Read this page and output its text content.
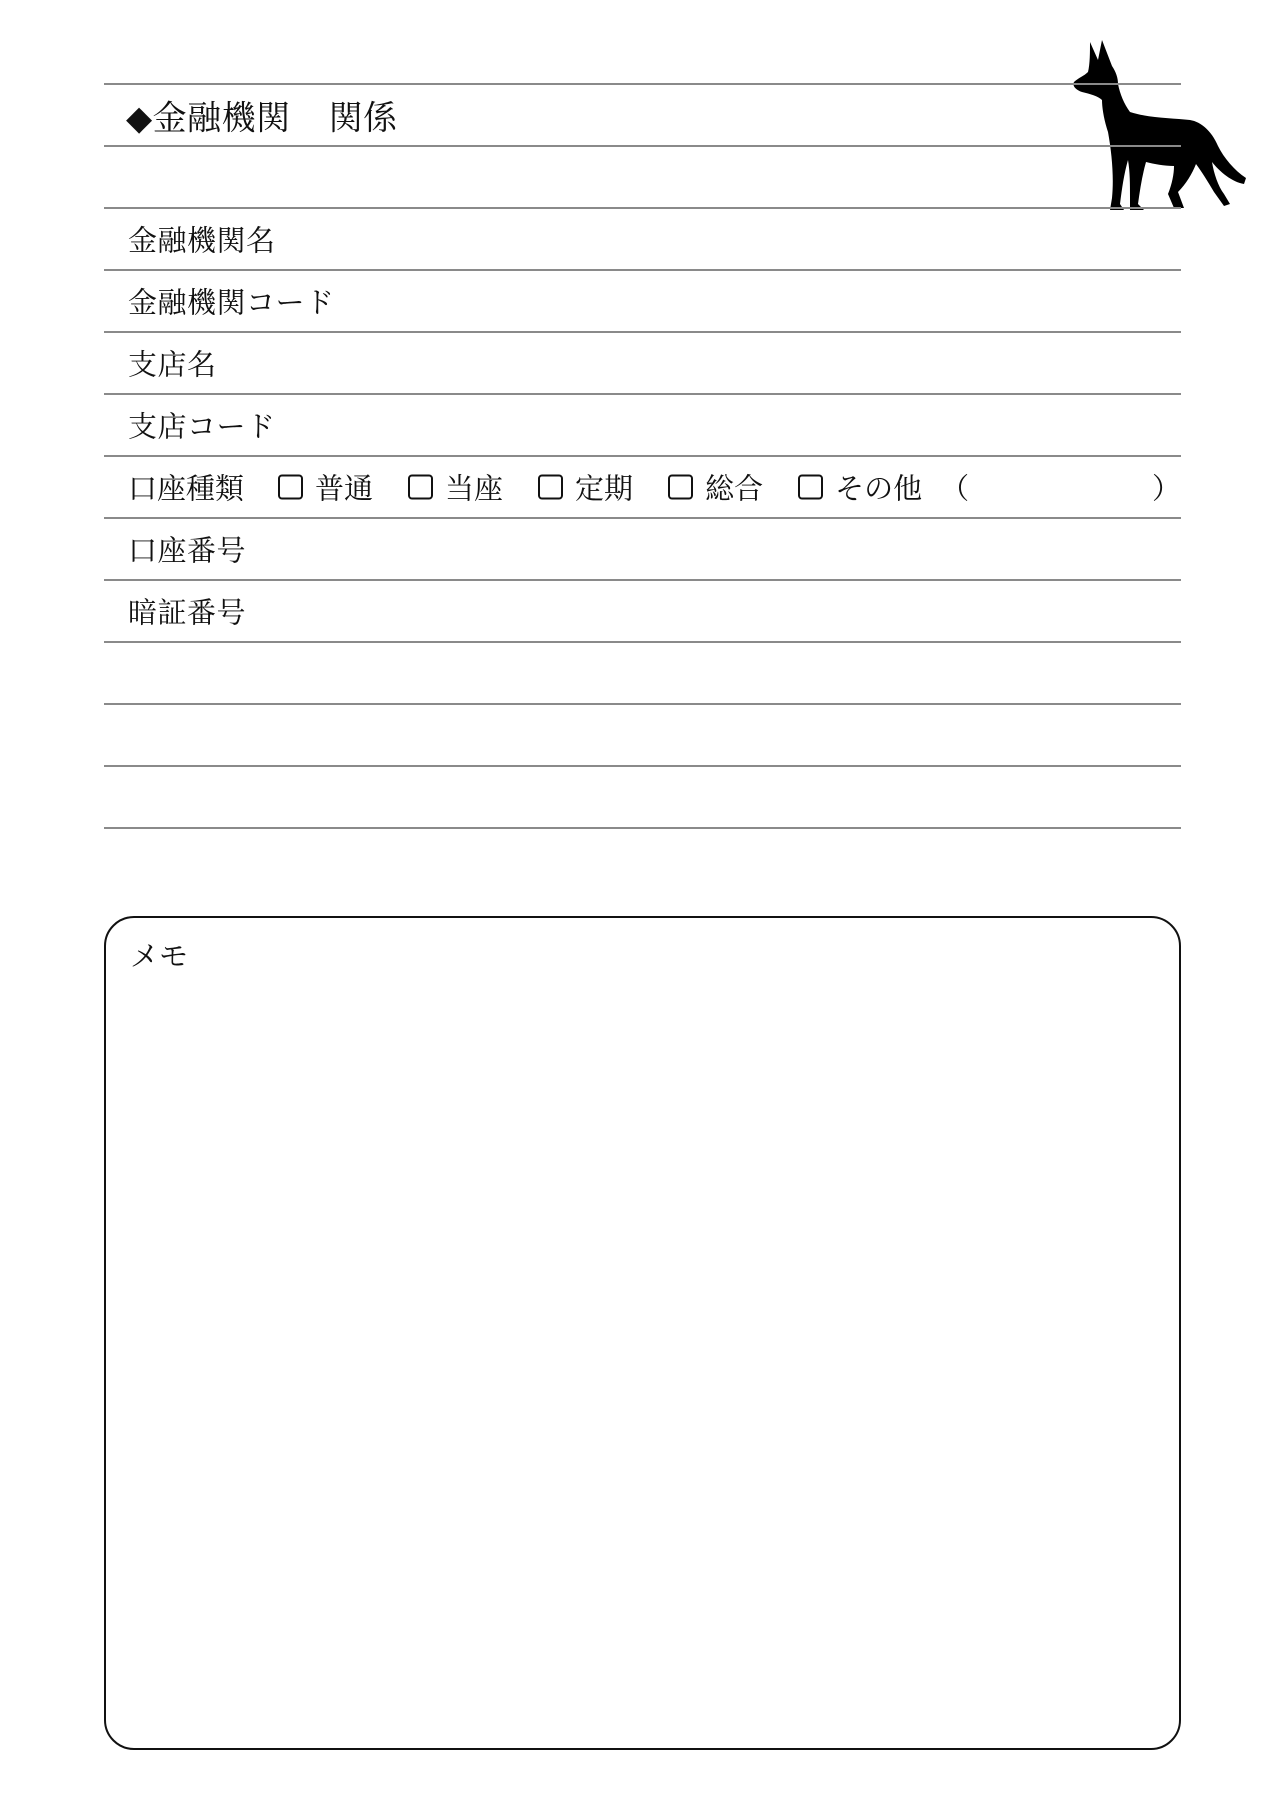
◆金融機関 関係
金融機関名
金融機関コード
支店名
支店コード
口座種類 普通 当座 定期 総合 その他 （	）
口座番号
暗証番号
メモ
